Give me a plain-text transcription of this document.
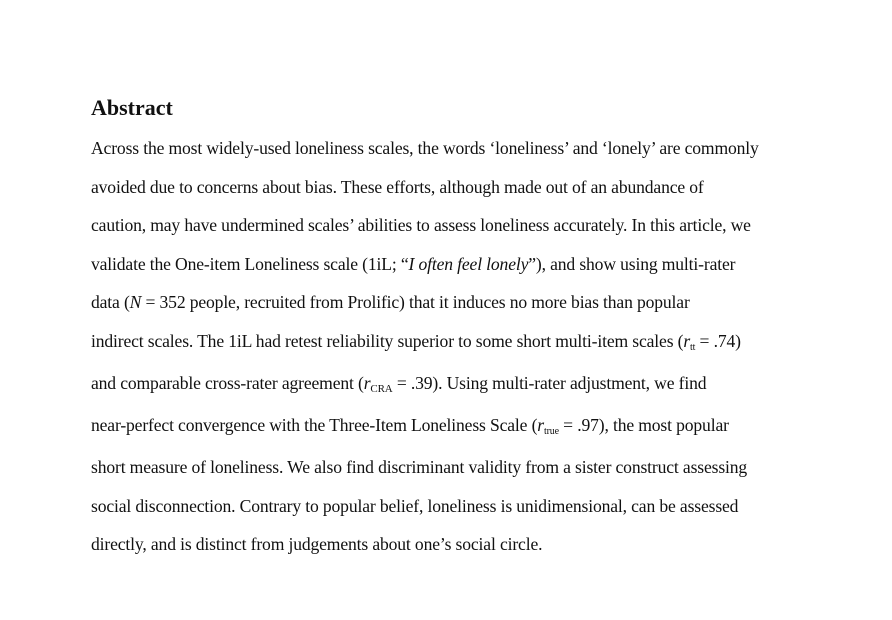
Abstract
Across the most widely-used loneliness scales, the words ‘loneliness’ and ‘lonely’ are commonly
avoided due to concerns about bias. These efforts, although made out of an abundance of
caution, may have undermined scales’ abilities to assess loneliness accurately. In this article, we
validate the One-item Loneliness scale (1iL; “I often feel lonely”), and show using multi-rater
data (N = 352 people, recruited from Prolific) that it induces no more bias than popular
indirect scales. The 1iL had retest reliability superior to some short multi-item scales (rtt = .74)
and comparable cross-rater agreement (rCRA = .39). Using multi-rater adjustment, we find
near-perfect convergence with the Three-Item Loneliness Scale (rtrue = .97), the most popular
short measure of loneliness. We also find discriminant validity from a sister construct assessing
social disconnection. Contrary to popular belief, loneliness is unidimensional, can be assessed
directly, and is distinct from judgements about one’s social circle.
